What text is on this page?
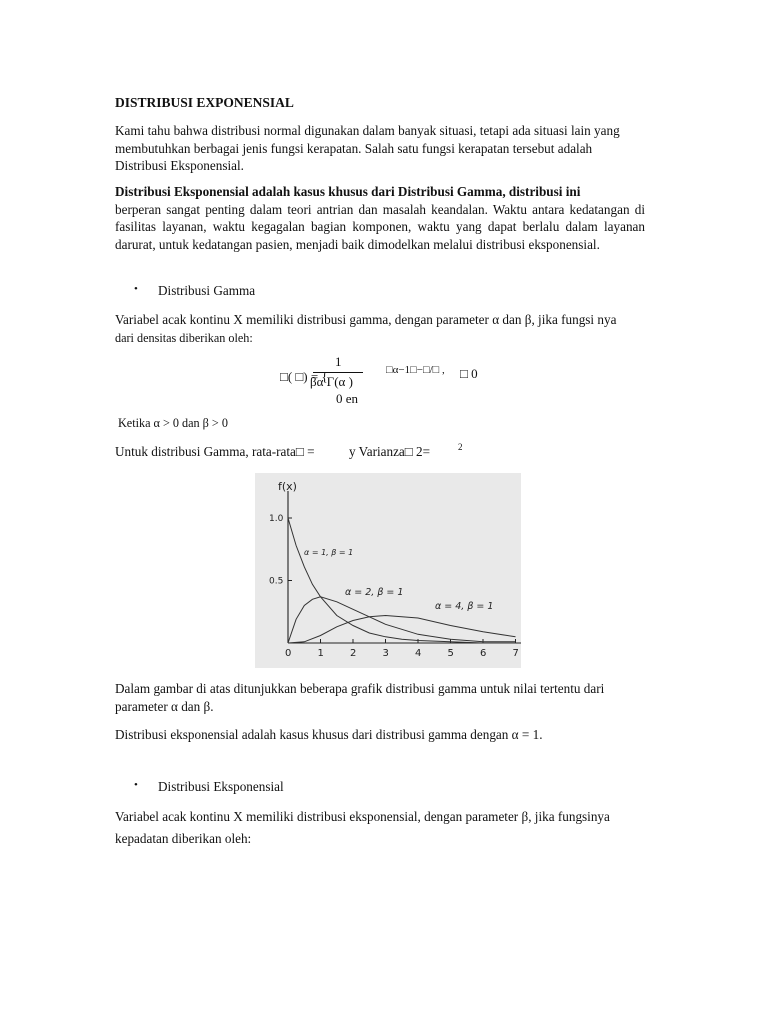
DISTRIBUSI EXPONENSIAL

Kami tahu bahwa distribusi normal digunakan dalam banyak situasi, tetapi ada situasi lain yang membutuhkan berbagai jenis fungsi kerapatan. Salah satu fungsi kerapatan tersebut adalah Distribusi Eksponensial.

Distribusi Eksponensial adalah kasus khusus dari Distribusi Gamma, distribusi ini
berperan sangat penting dalam teori antrian dan masalah keandalan. Waktu antara kedatangan di fasilitas layanan, waktu kegagalan bagian komponen, waktu yang dapat berlalu dalam layanan darurat, untuk kedatangan pasien, menjadi baik dimodelkan melalui distribusi eksponensial.

• Distribusi Gamma

Variabel acak kontinu X memiliki distribusi gamma, dengan parameter α dan β, jika fungsi nya
dari densitas diberikan oleh:

□( □) = {
1
βα Γ(α )
□α−1□−□/□ , □ 0
0 en
Ketika α > 0 dan β > 0
Untuk distribusi Gamma, rata-rata□ =	y Varianza□ 2=	2
f(x)
0	1	2	3	4	5	6	7
1.0
0.5
α = 1, β = 1
α = 2, β = 1
α = 4, β = 1

Dalam gambar di atas ditunjukkan beberapa grafik distribusi gamma untuk nilai tertentu dari parameter α dan β.

Distribusi eksponensial adalah kasus khusus dari distribusi gamma dengan α = 1.

• Distribusi Eksponensial

Variabel acak kontinu X memiliki distribusi eksponensial, dengan parameter β, jika fungsinya kepadatan diberikan oleh:
